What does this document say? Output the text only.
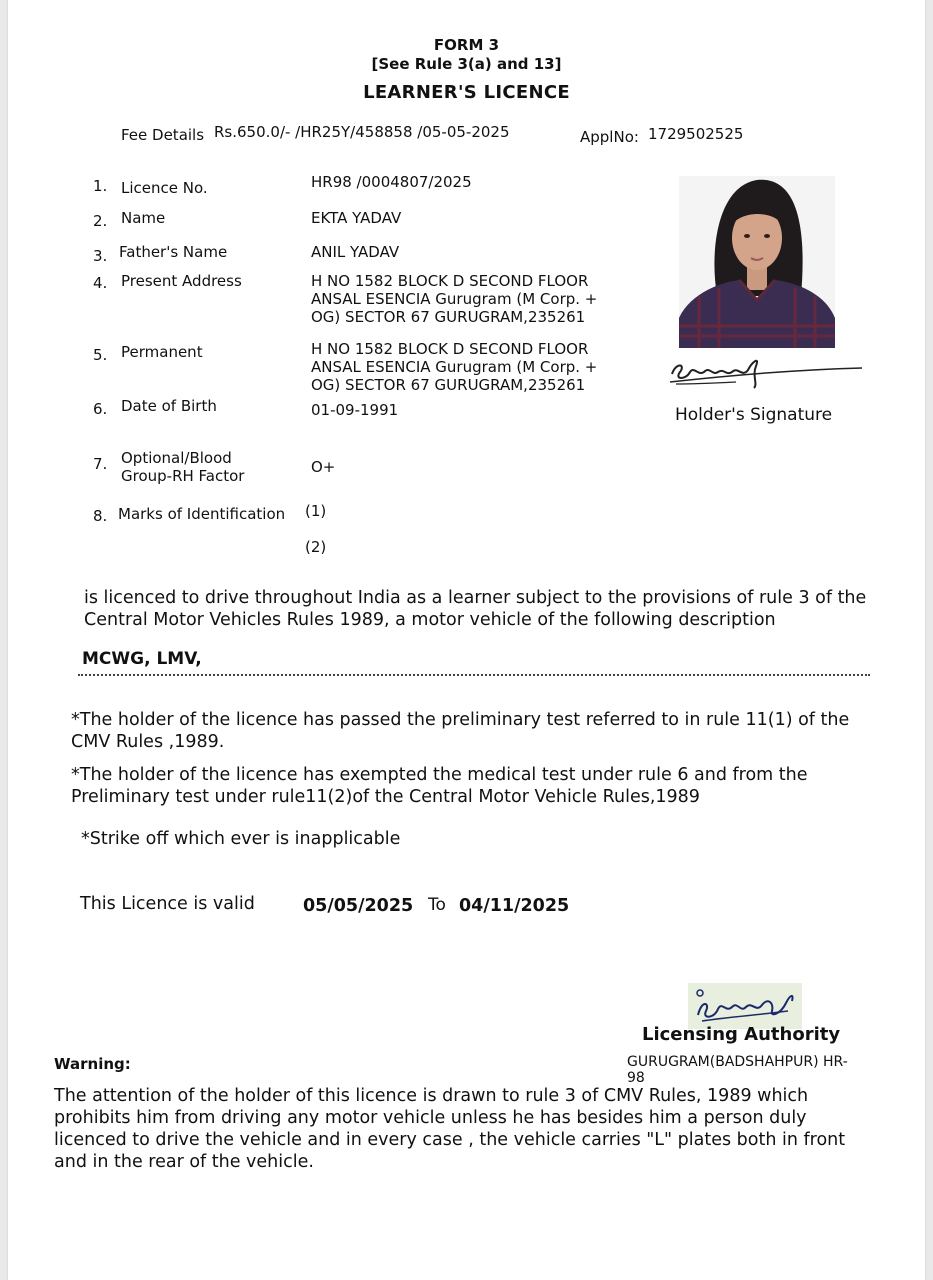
FORM 3
[See Rule 3(a) and 13]
LEARNER'S LICENCE
Fee Details Rs.650.0/- /HR25Y/458858 /05-05-2025	ApplNo: 1729502525
1. Licence No.	HR98 /0004807/2025
2. Name	EKTA YADAV
3. Father's Name	ANIL YADAV
4. Present Address	H NO 1582 BLOCK D SECOND FLOOR
ANSAL ESENCIA Gurugram (M Corp. +
OG) SECTOR 67 GURUGRAM,235261
5. Permanent	H NO 1582 BLOCK D SECOND FLOOR
ANSAL ESENCIA Gurugram (M Corp. +
OG) SECTOR 67 GURUGRAM,235261
6. Date of Birth	01-09-1991
7. Optional/Blood
Group-RH Factor	O+
8. Marks of Identification (1)
(2)
Holder's Signature
is licenced to drive throughout India as a learner subject to the provisions of rule 3 of the Central Motor Vehicles Rules 1989, a motor vehicle of the following description
MCWG, LMV,
*The holder of the licence has passed the preliminary test referred to in rule 11(1) of the CMV Rules ,1989.
*The holder of the licence has exempted the medical test under rule 6 and from the Preliminary test under rule11(2)of the Central Motor Vehicle Rules,1989
*Strike off which ever is inapplicable
This Licence is valid	05/05/2025 To 04/11/2025
Licensing Authority
GURUGRAM(BADSHAHPUR) HR-
98
Warning:
The attention of the holder of this licence is drawn to rule 3 of CMV Rules, 1989 which prohibits him from driving any motor vehicle unless he has besides him a person duly licenced to drive the vehicle and in every case , the vehicle carries "L" plates both in front and in the rear of the vehicle.
